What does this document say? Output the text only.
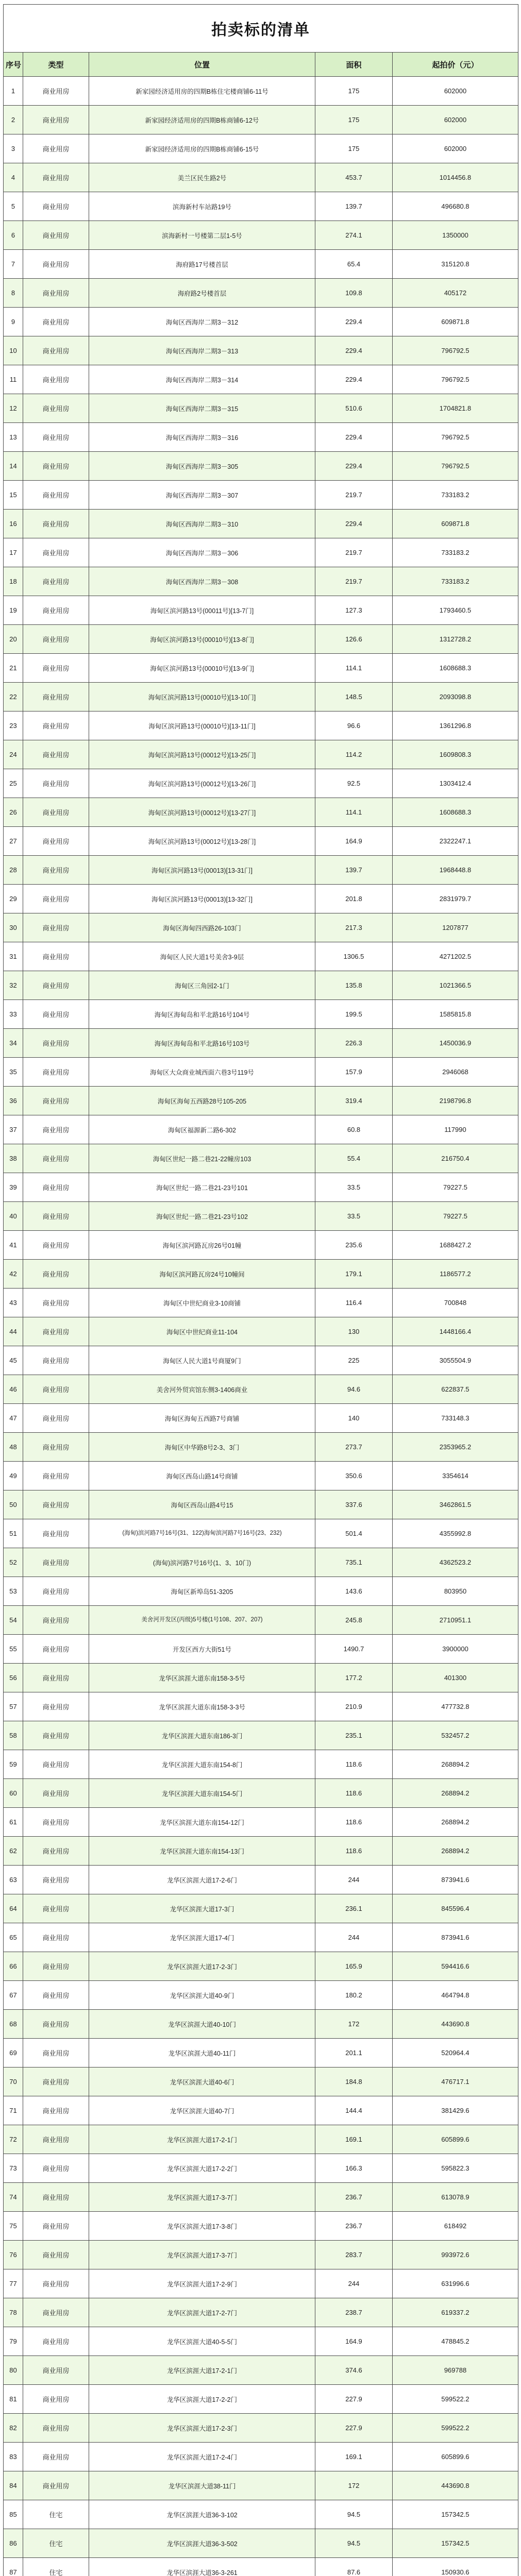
拍卖标的清单				
序号	类型	位置	面积	起拍价（元）
1	商业用房	新家园经济适用房的四期B栋住宅楼商铺6-11号	175	602000
2	商业用房	新家园经济适用房的四期B栋商铺6-12号	175	602000
3	商业用房	新家园经济适用房的四期B栋商铺6-15号	175	602000
4	商业用房	美兰区民生路2号	453.7	1014456.8
5	商业用房	滨海新村车站路19号	139.7	496680.8
6	商业用房	滨海新村一号楼第二层1-5号	274.1	1350000
7	商业用房	海府路17号楼首层	65.4	315120.8
8	商业用房	海府路2号楼首层	109.8	405172
9	商业用房	海甸区西海岸二期3－312	229.4	609871.8
10	商业用房	海甸区西海岸二期3－313	229.4	796792.5
11	商业用房	海甸区西海岸二期3－314	229.4	796792.5
12	商业用房	海甸区西海岸二期3－315	510.6	1704821.8
13	商业用房	海甸区西海岸二期3－316	229.4	796792.5
14	商业用房	海甸区西海岸二期3－305	229.4	796792.5
15	商业用房	海甸区西海岸二期3－307	219.7	733183.2
16	商业用房	海甸区西海岸二期3－310	229.4	609871.8
17	商业用房	海甸区西海岸二期3－306	219.7	733183.2
18	商业用房	海甸区西海岸二期3－308	219.7	733183.2
19	商业用房	海甸区滨河路13号(00011号)[13-7门]	127.3	1793460.5
20	商业用房	海甸区滨河路13号(00010号)[13-8门]	126.6	1312728.2
21	商业用房	海甸区滨河路13号(00010号)[13-9门]	114.1	1608688.3
22	商业用房	海甸区滨河路13号(00010号)[13-10门]	148.5	2093098.8
23	商业用房	海甸区滨河路13号(00010号)[13-11门]	96.6	1361296.8
24	商业用房	海甸区滨河路13号(00012号)[13-25门]	114.2	1609808.3
25	商业用房	海甸区滨河路13号(00012号)[13-26门]	92.5	1303412.4
26	商业用房	海甸区滨河路13号(00012号)[13-27门]	114.1	1608688.3
27	商业用房	海甸区滨河路13号(00012号)[13-28门]	164.9	2322247.1
28	商业用房	海甸区滨河路13号(00013)[13-31门]	139.7	1968448.8
29	商业用房	海甸区滨河路13号(00013)[13-32门]	201.8	2831979.7
30	商业用房	海甸区海甸四西路26-103门	217.3	1207877
31	商业用房	海甸区人民大道1号美舍3-9层	1306.5	4271202.5
32	商业用房	海甸区三角园2-1门	135.8	1021366.5
33	商业用房	海甸区海甸岛和平北路16号104号	199.5	1585815.8
34	商业用房	海甸区海甸岛和平北路16号103号	226.3	1450036.9
35	商业用房	海甸区大众商业城西面六巷3号119号	157.9	2946068
36	商业用房	海甸区海甸五西路28号105-205	319.4	2198796.8
37	商业用房	海甸区福源新二路6-302	60.8	117990
38	商业用房	海甸区世纪一路二巷21-22幢房103	55.4	216750.4
39	商业用房	海甸区世纪一路二巷21-23号101	33.5	79227.5
40	商业用房	海甸区世纪一路二巷21-23号102	33.5	79227.5
41	商业用房	海甸区滨河路瓦房26号01幢	235.6	1688427.2
42	商业用房	海甸区滨河路瓦房24号10幢间	179.1	1186577.2
43	商业用房	海甸区中世纪商业3-10商铺	116.4	700848
44	商业用房	海甸区中世纪商业11-104	130	1448166.4
45	商业用房	海甸区人民大道1号商厦9门	225	3055504.9
46	商业用房	美舍河外贸宾馆东侧3-1406商业	94.6	622837.5
47	商业用房	海甸区海甸五西路7号商铺	140	733148.3
48	商业用房	海甸区中华路8号2-3、3门	273.7	2353965.2
49	商业用房	海甸区西岛山路14号商铺	350.6	3354614
50	商业用房	海甸区西岛山路4号15	337.6	3462861.5
51	商业用房	(海甸)滨河路7号16号(31、122)海甸滨河路7号16号(23、232)	501.4	4355992.8
52	商业用房	(海甸)滨河路7号16号(1、3、10门)	735.1	4362523.2
53	商业用房	海甸区新埠岛51-3205	143.6	803950
54	商业用房	美舍河开发区(丙级)5号楼(1号108、207、207)	245.8	2710951.1
55	商业用房	开发区西方大街51号	1490.7	3900000
56	商业用房	龙华区滨涯大道东南158-3-5号	177.2	401300
57	商业用房	龙华区滨涯大道东南158-3-3号	210.9	477732.8
58	商业用房	龙华区滨涯大道东南186-3门	235.1	532457.2
59	商业用房	龙华区滨涯大道东南154-8门	118.6	268894.2
60	商业用房	龙华区滨涯大道东南154-5门	118.6	268894.2
61	商业用房	龙华区滨涯大道东南154-12门	118.6	268894.2
62	商业用房	龙华区滨涯大道东南154-13门	118.6	268894.2
63	商业用房	龙华区滨涯大道17-2-6门	244	873941.6
64	商业用房	龙华区滨涯大道17-3门	236.1	845596.4
65	商业用房	龙华区滨涯大道17-4门	244	873941.6
66	商业用房	龙华区滨涯大道17-2-3门	165.9	594416.6
67	商业用房	龙华区滨涯大道40-9门	180.2	464794.8
68	商业用房	龙华区滨涯大道40-10门	172	443690.8
69	商业用房	龙华区滨涯大道40-11门	201.1	520964.4
70	商业用房	龙华区滨涯大道40-6门	184.8	476717.1
71	商业用房	龙华区滨涯大道40-7门	144.4	381429.6
72	商业用房	龙华区滨涯大道17-2-1门	169.1	605899.6
73	商业用房	龙华区滨涯大道17-2-2门	166.3	595822.3
74	商业用房	龙华区滨涯大道17-3-7门	236.7	613078.9
75	商业用房	龙华区滨涯大道17-3-8门	236.7	618492
76	商业用房	龙华区滨涯大道17-3-7门	283.7	993972.6
77	商业用房	龙华区滨涯大道17-2-9门	244	631996.6
78	商业用房	龙华区滨涯大道17-2-7门	238.7	619337.2
79	商业用房	龙华区滨涯大道40-5-5门	164.9	478845.2
80	商业用房	龙华区滨涯大道17-2-1门	374.6	969788
81	商业用房	龙华区滨涯大道17-2-2门	227.9	599522.2
82	商业用房	龙华区滨涯大道17-2-3门	227.9	599522.2
83	商业用房	龙华区滨涯大道17-2-4门	169.1	605899.6
84	商业用房	龙华区滨涯大道38-11门	172	443690.8
85	住宅	龙华区滨涯大道36-3-102	94.5	157342.5
86	住宅	龙华区滨涯大道36-3-502	94.5	157342.5
87	住宅	龙华区滨涯大道36-3-261	87.6	150930.6
